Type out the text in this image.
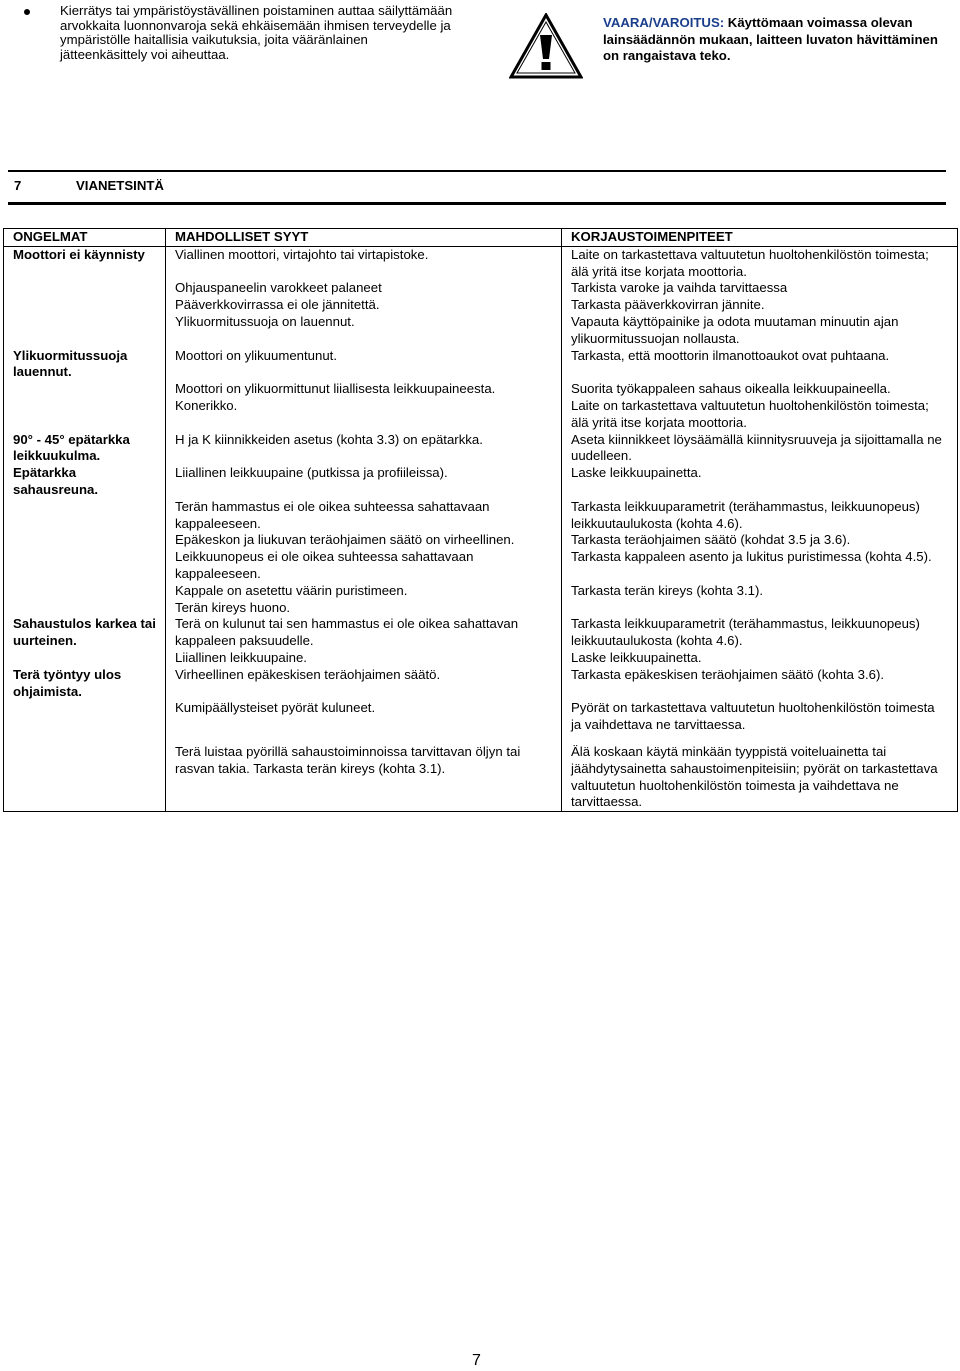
Kierrätys tai ympäristöystävällinen poistaminen auttaa säilyttämään arvokkaita luonnonvaroja sekä ehkäisemään ihmisen terveydelle ja ympäristölle haitallisia vaikutuksia, joita vääränlainen jätteenkäsittely voi aiheuttaa.
VAARA/VAROITUS: Käyttömaan voimassa olevan lainsäädännön mukaan, laitteen luvaton hävittäminen on rangaistava teko.
7	VIANETSINTÄ
ONGELMAT	MAHDOLLISET SYYT	KORJAUSTOIMENPITEET
Moottori ei käynnisty	Viallinen moottori, virtajohto tai virtapistoke.	Laite on tarkastettava valtuutetun huoltohenkilöstön toimesta; älä yritä itse korjata moottoria.
	Ohjauspaneelin varokkeet palaneet	Tarkista varoke ja vaihda tarvittaessa
	Pääverkkovirrassa ei ole jännitettä.	Tarkasta pääverkkovirran jännite.
	Ylikuormitussuoja on lauennut.	Vapauta käyttöpainike ja odota muutaman minuutin ajan ylikuormitussuojan nollausta.
Ylikuormitussuoja lauennut.	Moottori on ylikuumentunut.	Tarkasta, että moottorin ilmanottoaukot ovat puhtaana.
	Moottori on ylikuormittunut liiallisesta leikkuupaineesta.	Suorita työkappaleen sahaus oikealla leikkuupaineella.
	Konerikko.	Laite on tarkastettava valtuutetun huoltohenkilöstön toimesta; älä yritä itse korjata moottoria.
90° - 45° epätarkka leikkuukulma.	H ja K kiinnikkeiden asetus (kohta 3.3) on epätarkka.	Aseta kiinnikkeet löysäämällä kiinnitysruuveja ja sijoittamalla ne uudelleen.
Epätarkka sahausreuna.	Liiallinen leikkuupaine (putkissa ja profiileissa).	Laske leikkuupainetta.
	Terän hammastus ei ole oikea suhteessa sahattavaan kappaleeseen.	Tarkasta leikkuuparametrit (terähammastus, leikkuunopeus) leikkuutaulukosta (kohta 4.6).
	Epäkeskon ja liukuvan teräohjaimen säätö on virheellinen.	Tarkasta teräohjaimen säätö (kohdat 3.5 ja 3.6).
	Leikkuunopeus ei ole oikea suhteessa sahattavaan kappaleeseen.	Tarkasta kappaleen asento ja lukitus puristimessa (kohta 4.5).
	Kappale on asetettu väärin puristimeen.	Tarkasta terän kireys (kohta 3.1).
	Terän kireys huono.	
Sahaustulos karkea tai uurteinen.	Terä on kulunut tai sen hammastus ei ole oikea sahattavan kappaleen paksuudelle.	Tarkasta leikkuuparametrit (terähammastus, leikkuunopeus) leikkuutaulukosta (kohta 4.6).
	Liiallinen leikkuupaine.	Laske leikkuupainetta.
Terä työntyy ulos ohjaimista.	Virheellinen epäkeskisen teräohjaimen säätö.	Tarkasta epäkeskisen teräohjaimen säätö (kohta 3.6).
	Kumipäällysteiset pyörät kuluneet.	Pyörät on tarkastettava valtuutetun huoltohenkilöstön toimesta ja vaihdettava ne tarvittaessa.
	Terä luistaa pyörillä sahaustoiminnoissa tarvittavan öljyn tai rasvan takia. Tarkasta terän kireys (kohta 3.1).	Älä koskaan käytä minkään tyyppistä voiteluainetta tai jäähdytysainetta sahaustoimenpiteisiin; pyörät on tarkastettava valtuutetun huoltohenkilöstön toimesta ja vaihdettava ne tarvittaessa.
7
